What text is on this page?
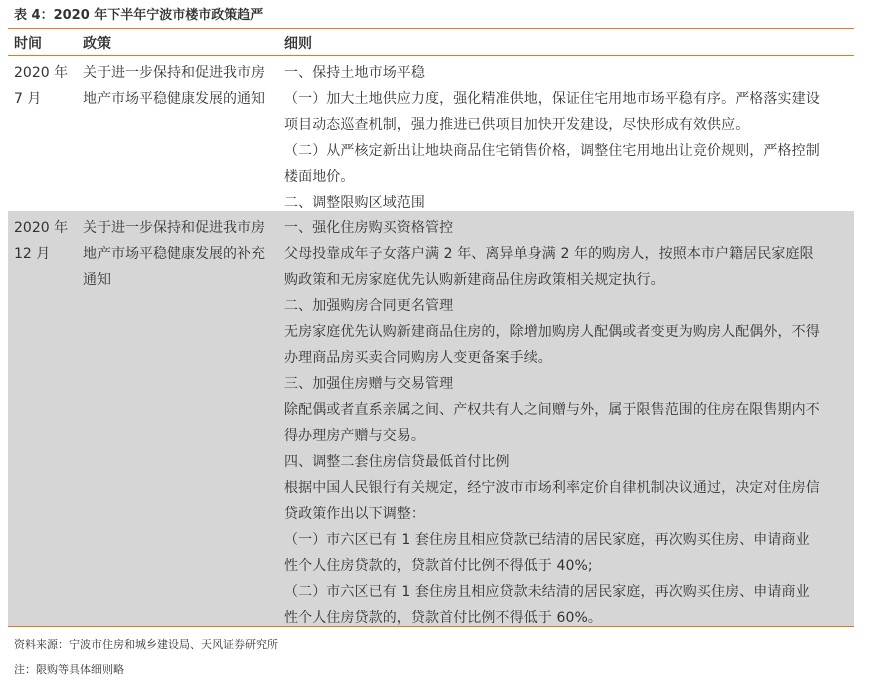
表 4：2020 年下半年宁波市楼市政策趋严
时间	政策	细则
2020 年 7 月
关于进一步保持和促进我市房地产市场平稳健康发展的通知
一、保持土地市场平稳
（一）加大土地供应力度，强化精准供地，保证住宅用地市场平稳有序。严格落实建设
项目动态巡查机制，强力推进已供项目加快开发建设，尽快形成有效供应。
（二）从严核定新出让地块商品住宅销售价格，调整住宅用地出让竞价规则，严格控制
楼面地价。
二、调整限购区域范围
2020 年 12 月
关于进一步保持和促进我市房地产市场平稳健康发展的补充通知
一、强化住房购买资格管控
父母投靠成年子女落户满 2 年、离异单身满 2 年的购房人，按照本市户籍居民家庭限
购政策和无房家庭优先认购新建商品住房政策相关规定执行。
二、加强购房合同更名管理
无房家庭优先认购新建商品住房的，除增加购房人配偶或者变更为购房人配偶外，不得
办理商品房买卖合同购房人变更备案手续。
三、加强住房赠与交易管理
除配偶或者直系亲属之间、产权共有人之间赠与外，属于限售范围的住房在限售期内不
得办理房产赠与交易。
四、调整二套住房信贷最低首付比例
根据中国人民银行有关规定，经宁波市市场利率定价自律机制决议通过，决定对住房信
贷政策作出以下调整：
（一）市六区已有 1 套住房且相应贷款已结清的居民家庭，再次购买住房、申请商业
性个人住房贷款的，贷款首付比例不得低于 40%;
（二）市六区已有 1 套住房且相应贷款未结清的居民家庭，再次购买住房、申请商业
性个人住房贷款的，贷款首付比例不得低于 60%。
资料来源：宁波市住房和城乡建设局、天风证券研究所
注：限购等具体细则略
